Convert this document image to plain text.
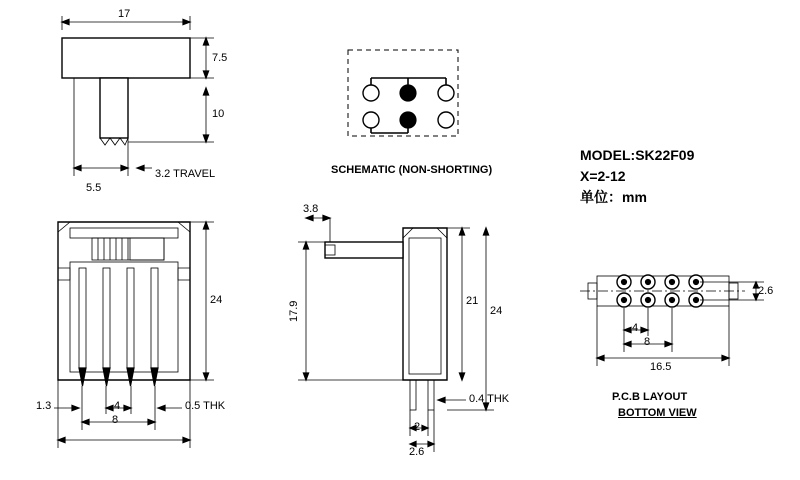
17
7.5
10
5.5
3.2 TRAVEL	SCHEMATIC (NON-SHORTING)
MODEL:SK22F09
X=2-12
单位：mm
24
1.3	4
8
0.5 THK
3.8
17.9	21
24
0.4 THK
2
2.6
4
8
2.6
16.5
P.C.B LAYOUT
BOTTOM VIEW
